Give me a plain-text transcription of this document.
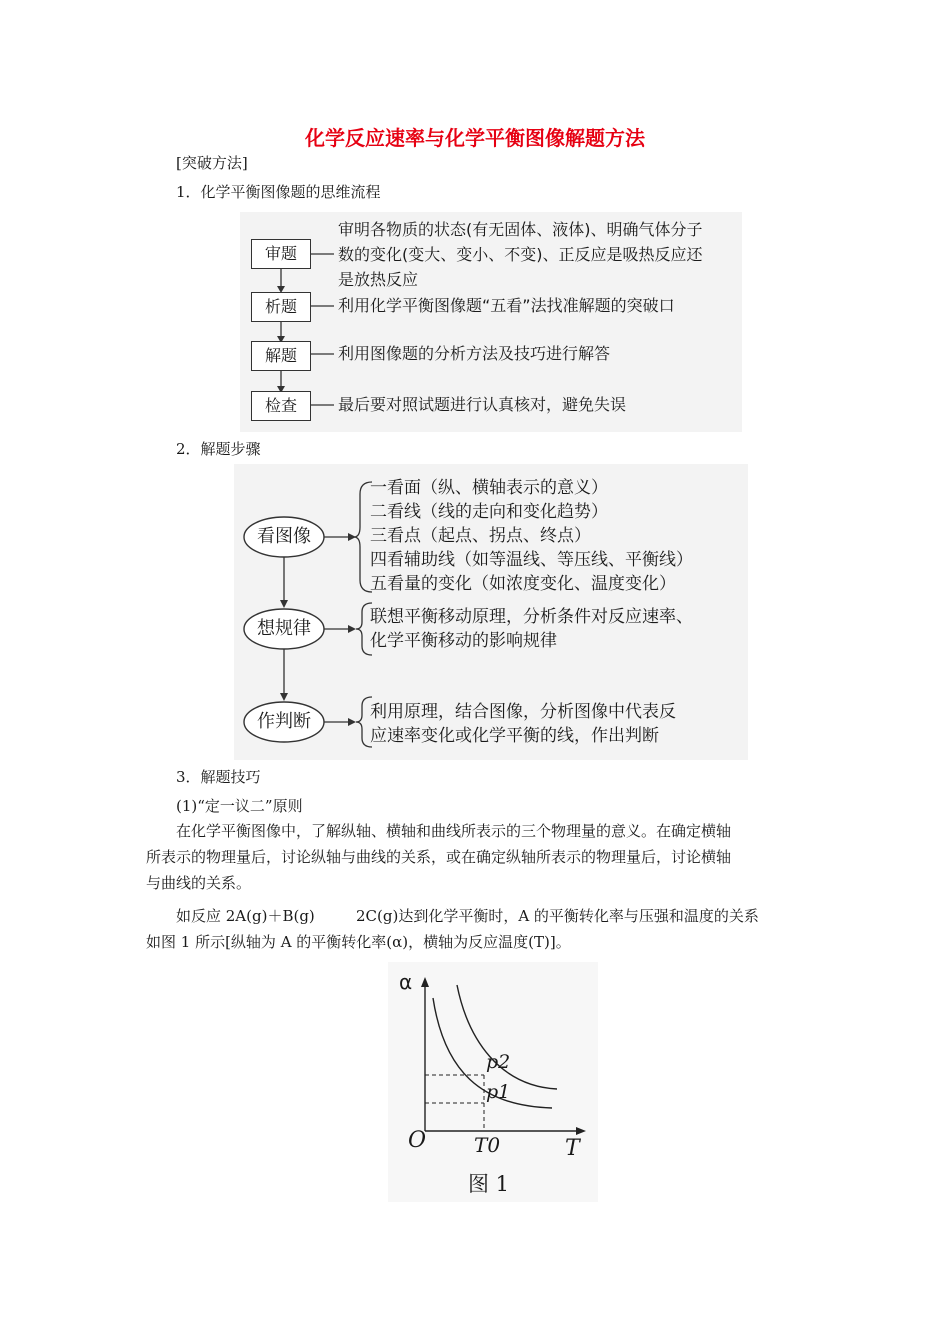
化学反应速率与化学平衡图像解题方法
[突破方法]
1．化学平衡图像题的思维流程
审题
析题
解题
检查
审明各物质的状态(有无固体、液体)、明确气体分子
数的变化(变大、变小、不变)、正反应是吸热反应还
是放热反应
利用化学平衡图像题“五看”法找准解题的突破口
利用图像题的分析方法及技巧进行解答
最后要对照试题进行认真核对，避免失误
2．解题步骤
看图像
想规律
作判断
一看面（纵、横轴表示的意义）
二看线（线的走向和变化趋势）
三看点（起点、拐点、终点）
四看辅助线（如等温线、等压线、平衡线）
五看量的变化（如浓度变化、温度变化）
联想平衡移动原理，分析条件对反应速率、
化学平衡移动的影响规律
利用原理，结合图像，分析图像中代表反
应速率变化或化学平衡的线，作出判断
3．解题技巧
(1)“定一议二”原则
在化学平衡图像中，了解纵轴、横轴和曲线所表示的三个物理量的意义。在确定横轴
所表示的物理量后，讨论纵轴与曲线的关系，或在确定纵轴所表示的物理量后，讨论横轴
与曲线的关系。
如反应 2A(g)＋B(g)	2C(g)达到化学平衡时，A 的平衡转化率与压强和温度的关系
如图 1 所示[纵轴为 A 的平衡转化率(α)，横轴为反应温度(T)]。
α
T
O T0
p2
p1
图 1
